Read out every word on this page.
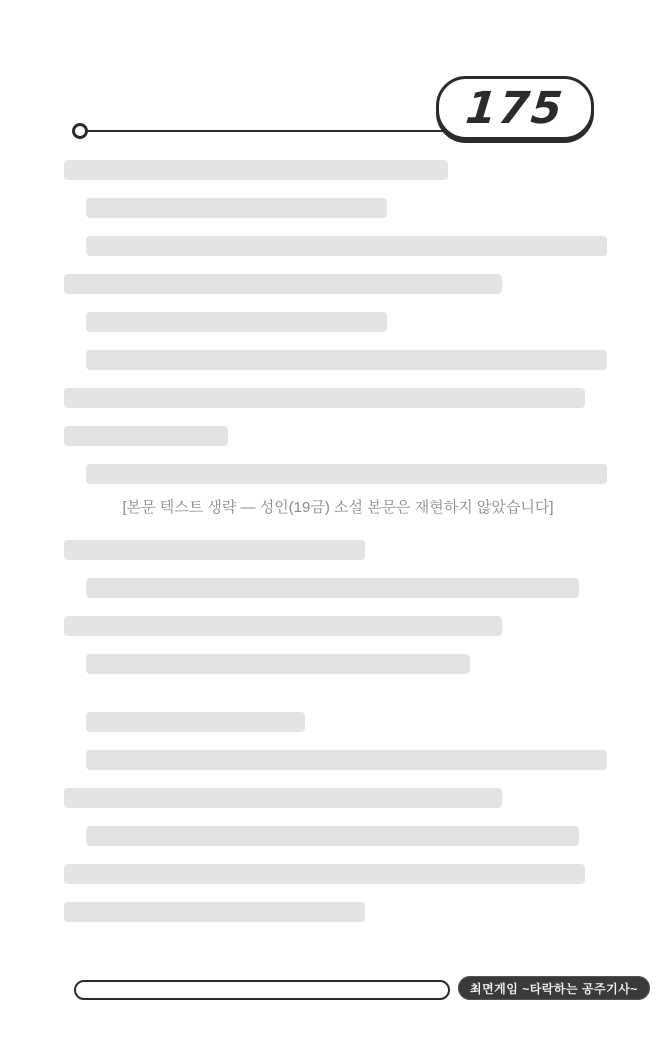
175
[본문 텍스트 생략 — 성인(19금) 소설 본문은 재현하지 않았습니다]
최면게임 ~타락하는 공주기사~
